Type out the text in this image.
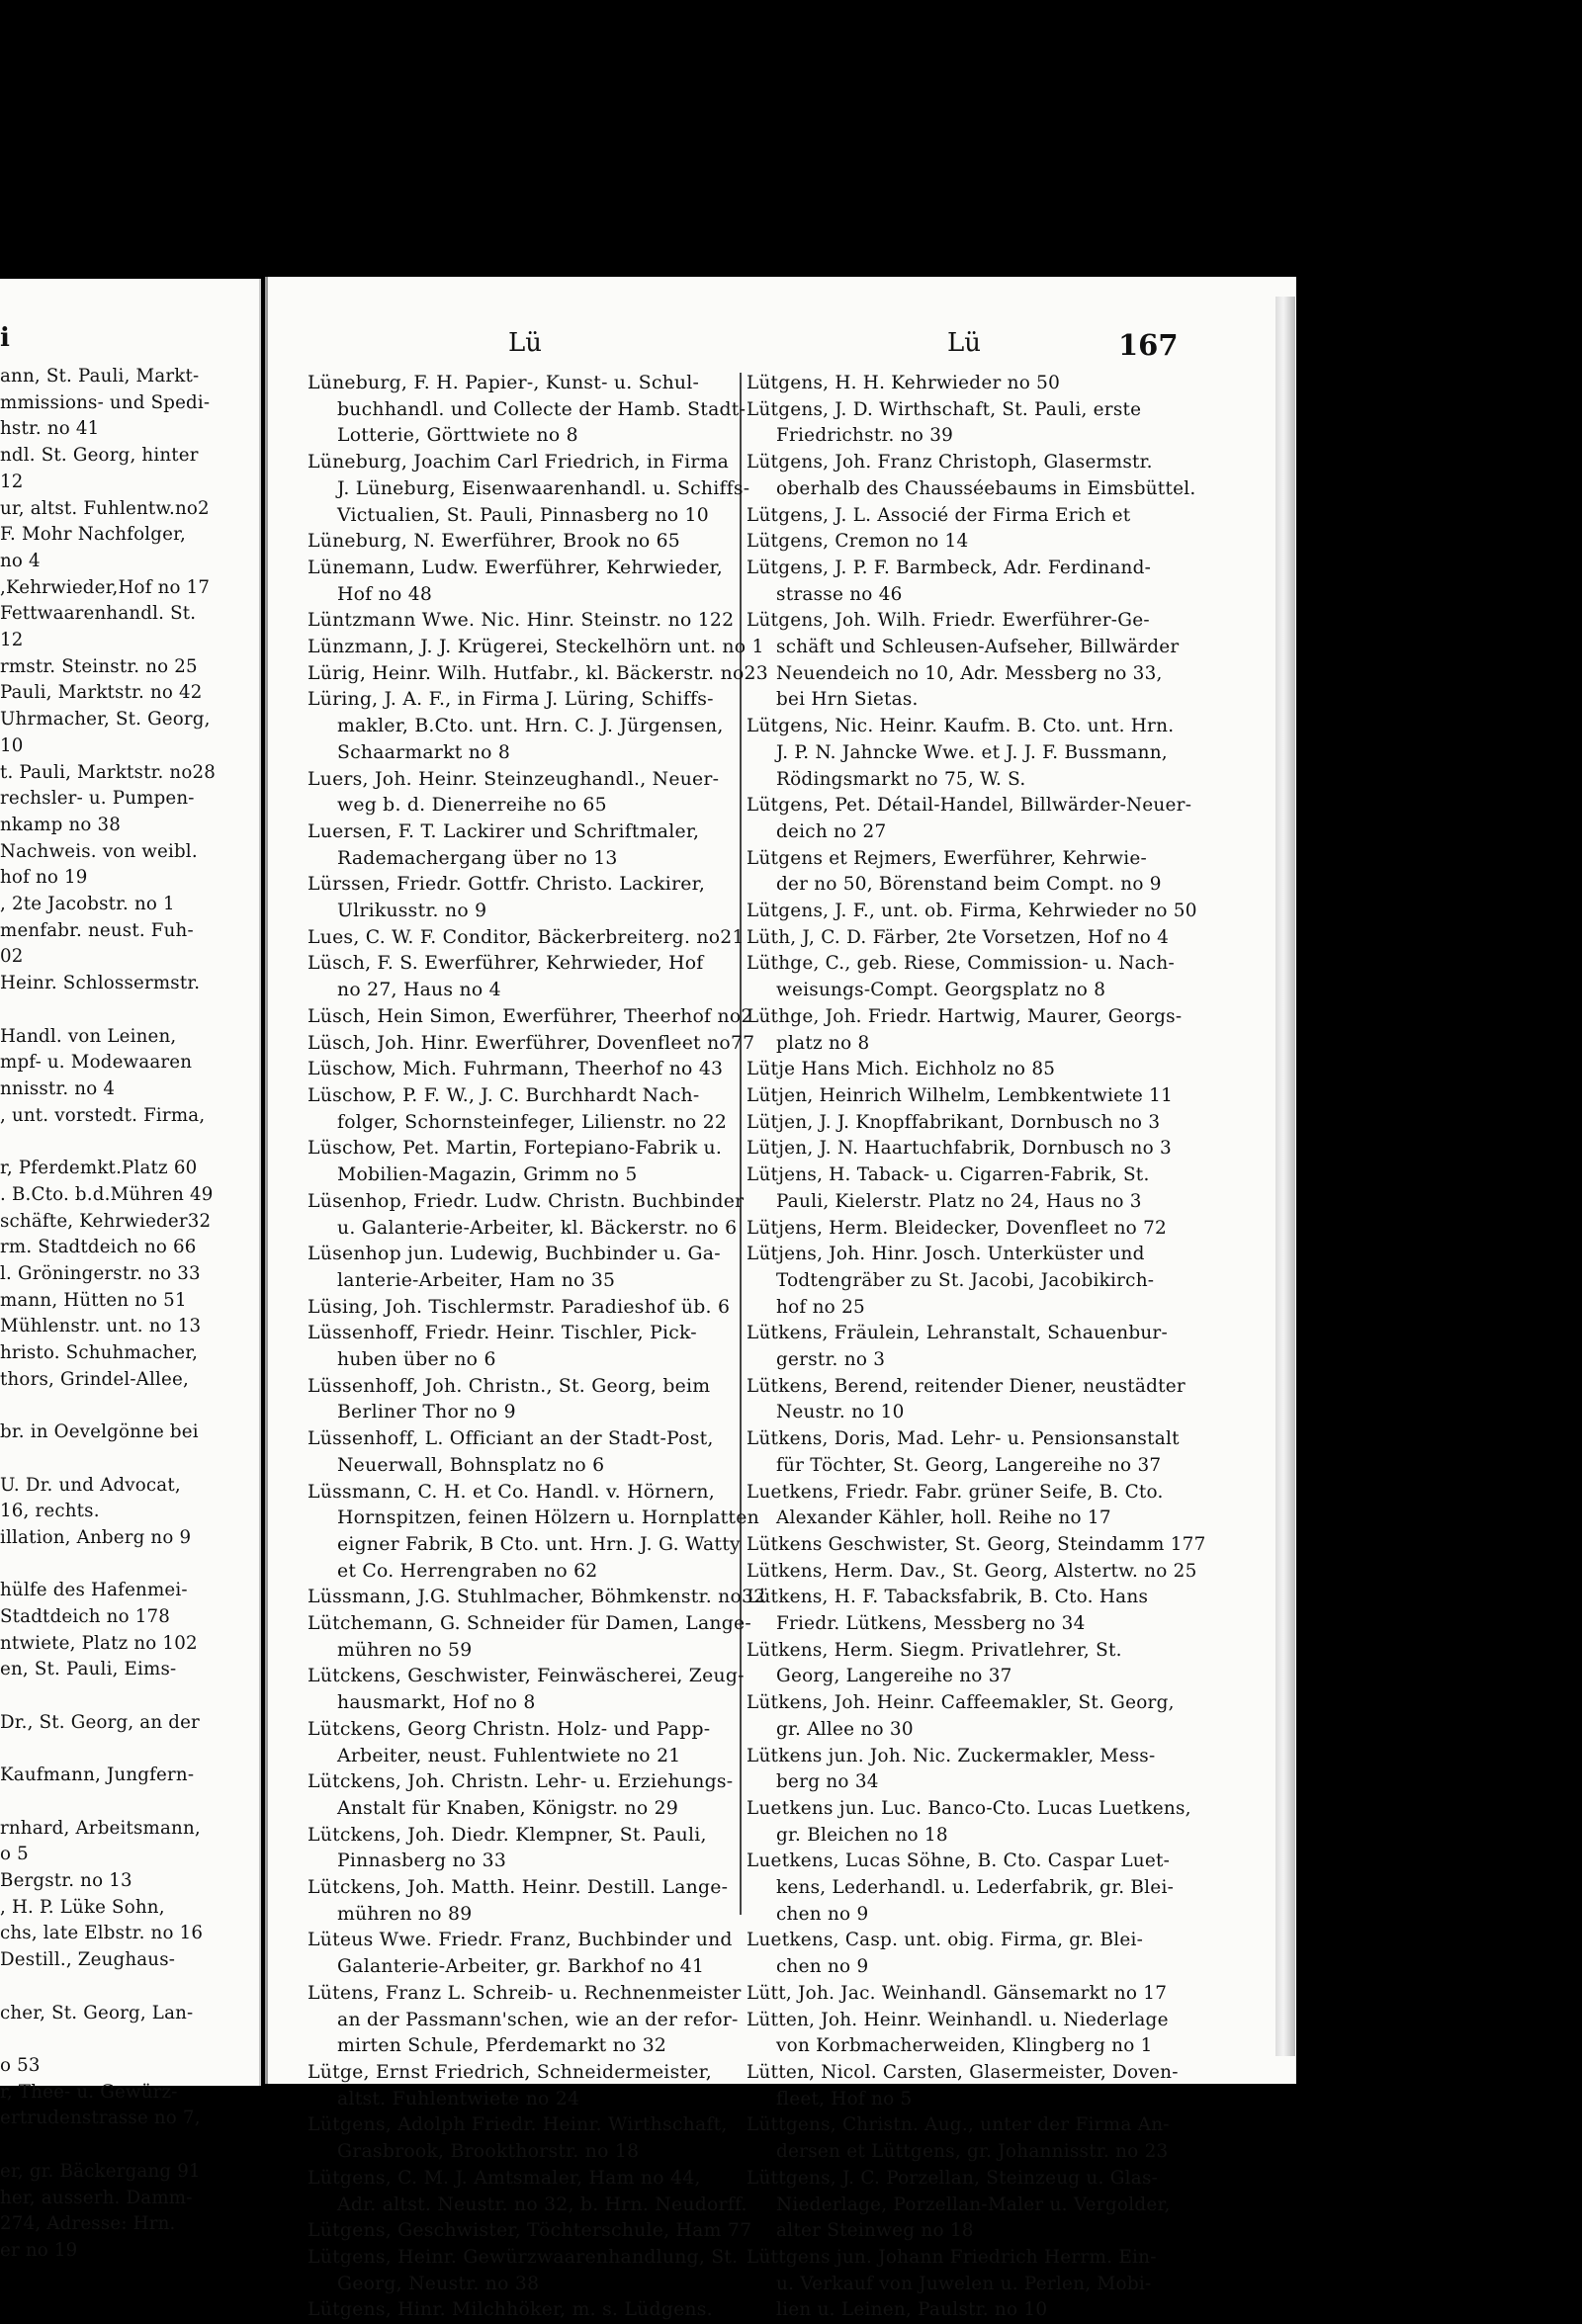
i
ann, St. Pauli, Markt-
mmissions- und Spedi-
hstr. no 41
ndl. St. Georg, hinter
12
ur, altst. Fuhlentw.no2
F. Mohr Nachfolger,
no 4
,Kehrwieder,Hof no 17
Fettwaarenhandl. St.
12
rmstr. Steinstr. no 25
Pauli, Marktstr. no 42
Uhrmacher, St. Georg,
10
t. Pauli, Marktstr. no28
rechsler- u. Pumpen-
nkamp no 38
Nachweis. von weibl.
hof no 19
, 2te Jacobstr. no 1
menfabr. neust. Fuh-
02
Heinr. Schlossermstr.

Handl. von Leinen,
mpf- u. Modewaaren
nnisstr. no 4
, unt. vorstedt. Firma,

r, Pferdemkt.Platz 60
. B.Cto. b.d.Mühren 49
schäfte, Kehrwieder32
rm. Stadtdeich no 66
l. Gröningerstr. no 33
mann, Hütten no 51
Mühlenstr. unt. no 13
hristo. Schuhmacher,
thors, Grindel-Allee,

br. in Oevelgönne bei

U. Dr. und Advocat,
16, rechts.
illation, Anberg no 9

hülfe des Hafenmei-
Stadtdeich no 178
ntwiete, Platz no 102
en, St. Pauli, Eims-

Dr., St. Georg, an der

Kaufmann, Jungfern-

rnhard, Arbeitsmann,
o 5
Bergstr. no 13
, H. P. Lüke Sohn,
chs, late Elbstr. no 16
Destill., Zeughaus-

cher, St. Georg, Lan-

o 53
r, Thee- u. Gewürz-
ertrudenstrasse no 7,

er, gr. Bäckergang 91
her, ausserh. Damm-
274, Adresse: Hrn.
er no 19
Lü	Lü	167
Lüneburg, F. H. Papier-, Kunst- u. Schul-
buchhandl. und Collecte der Hamb. Stadt-
Lotterie, Görttwiete no 8
Lüneburg, Joachim Carl Friedrich, in Firma
J. Lüneburg, Eisenwaarenhandl. u. Schiffs-
Victualien, St. Pauli, Pinnasberg no 10
Lüneburg, N. Ewerführer, Brook no 65
Lünemann, Ludw. Ewerführer, Kehrwieder,
Hof no 48
Lüntzmann Wwe. Nic. Hinr. Steinstr. no 122
Lünzmann, J. J. Krügerei, Steckelhörn unt. no 1
Lürig, Heinr. Wilh. Hutfabr., kl. Bäckerstr. no23
Lüring, J. A. F., in Firma J. Lüring, Schiffs-
makler, B.Cto. unt. Hrn. C. J. Jürgensen,
Schaarmarkt no 8
Luers, Joh. Heinr. Steinzeughandl., Neuer-
weg b. d. Dienerreihe no 65
Luersen, F. T. Lackirer und Schriftmaler,
Rademachergang über no 13
Lürssen, Friedr. Gottfr. Christo. Lackirer,
Ulrikusstr. no 9
Lues, C. W. F. Conditor, Bäckerbreiterg. no21
Lüsch, F. S. Ewerführer, Kehrwieder, Hof
no 27, Haus no 4
Lüsch, Hein Simon, Ewerführer, Theerhof no2
Lüsch, Joh. Hinr. Ewerführer, Dovenfleet no77
Lüschow, Mich. Fuhrmann, Theerhof no 43
Lüschow, P. F. W., J. C. Burchhardt Nach-
folger, Schornsteinfeger, Lilienstr. no 22
Lüschow, Pet. Martin, Fortepiano-Fabrik u.
Mobilien-Magazin, Grimm no 5
Lüsenhop, Friedr. Ludw. Christn. Buchbinder
u. Galanterie-Arbeiter, kl. Bäckerstr. no 6
Lüsenhop jun. Ludewig, Buchbinder u. Ga-
lanterie-Arbeiter, Ham no 35
Lüsing, Joh. Tischlermstr. Paradieshof üb. 6
Lüssenhoff, Friedr. Heinr. Tischler, Pick-
huben über no 6
Lüssenhoff, Joh. Christn., St. Georg, beim
Berliner Thor no 9
Lüssenhoff, L. Officiant an der Stadt-Post,
Neuerwall, Bohnsplatz no 6
Lüssmann, C. H. et Co. Handl. v. Hörnern,
Hornspitzen, feinen Hölzern u. Hornplatten
eigner Fabrik, B Cto. unt. Hrn. J. G. Watty
et Co. Herrengraben no 62
Lüssmann, J.G. Stuhlmacher, Böhmkenstr. no32
Lütchemann, G. Schneider für Damen, Lange-
mühren no 59
Lütckens, Geschwister, Feinwäscherei, Zeug-
hausmarkt, Hof no 8
Lütckens, Georg Christn. Holz- und Papp-
Arbeiter, neust. Fuhlentwiete no 21
Lütckens, Joh. Christn. Lehr- u. Erziehungs-
Anstalt für Knaben, Königstr. no 29
Lütckens, Joh. Diedr. Klempner, St. Pauli,
Pinnasberg no 33
Lütckens, Joh. Matth. Heinr. Destill. Lange-
mühren no 89
Lüteus Wwe. Friedr. Franz, Buchbinder und
Galanterie-Arbeiter, gr. Barkhof no 41
Lütens, Franz L. Schreib- u. Rechnenmeister
an der Passmann'schen, wie an der refor-
mirten Schule, Pferdemarkt no 32
Lütge, Ernst Friedrich, Schneidermeister,
altst. Fuhlentwiete no 24
Lütgens, Adolph Friedr. Heinr. Wirthschaft,
Grasbrook, Brookthorstr. no 18
Lütgens, C. M. J. Amtsmaler, Ham no 44,
Adr. altst. Neustr. no 32, b. Hrn. Neudorff.
Lütgens, Geschwister, Töchterschule, Ham 77
Lütgens, Heinr. Gewürzwaarenhandlung, St.
Georg, Neustr. no 38
Lütgens, Hinr. Milchhöker, m. s. Lüdgens.
Lütgens, H. H. Kehrwieder no 50
Lütgens, J. D. Wirthschaft, St. Pauli, erste
Friedrichstr. no 39
Lütgens, Joh. Franz Christoph, Glasermstr.
oberhalb des Chausséebaums in Eimsbüttel.
Lütgens, J. L. Associé der Firma Erich et
Lütgens, Cremon no 14
Lütgens, J. P. F. Barmbeck, Adr. Ferdinand-
strasse no 46
Lütgens, Joh. Wilh. Friedr. Ewerführer-Ge-
schäft und Schleusen-Aufseher, Billwärder
Neuendeich no 10, Adr. Messberg no 33,
bei Hrn Sietas.
Lütgens, Nic. Heinr. Kaufm. B. Cto. unt. Hrn.
J. P. N. Jahncke Wwe. et J. J. F. Bussmann,
Rödingsmarkt no 75, W. S.
Lütgens, Pet. Détail-Handel, Billwärder-Neuer-
deich no 27
Lütgens et Rejmers, Ewerführer, Kehrwie-
der no 50, Börenstand beim Compt. no 9
Lütgens, J. F., unt. ob. Firma, Kehrwieder no 50
Lüth, J, C. D. Färber, 2te Vorsetzen, Hof no 4
Lüthge, C., geb. Riese, Commission- u. Nach-
weisungs-Compt. Georgsplatz no 8
Lüthge, Joh. Friedr. Hartwig, Maurer, Georgs-
platz no 8
Lütje Hans Mich. Eichholz no 85
Lütjen, Heinrich Wilhelm, Lembkentwiete 11
Lütjen, J. J. Knopffabrikant, Dornbusch no 3
Lütjen, J. N. Haartuchfabrik, Dornbusch no 3
Lütjens, H. Taback- u. Cigarren-Fabrik, St.
Pauli, Kielerstr. Platz no 24, Haus no 3
Lütjens, Herm. Bleidecker, Dovenfleet no 72
Lütjens, Joh. Hinr. Josch. Unterküster und
Todtengräber zu St. Jacobi, Jacobikirch-
hof no 25
Lütkens, Fräulein, Lehranstalt, Schauenbur-
gerstr. no 3
Lütkens, Berend, reitender Diener, neustädter
Neustr. no 10
Lütkens, Doris, Mad. Lehr- u. Pensionsanstalt
für Töchter, St. Georg, Langereihe no 37
Luetkens, Friedr. Fabr. grüner Seife, B. Cto.
Alexander Kähler, holl. Reihe no 17
Lütkens Geschwister, St. Georg, Steindamm 177
Lütkens, Herm. Dav., St. Georg, Alstertw. no 25
Lütkens, H. F. Tabacksfabrik, B. Cto. Hans
Friedr. Lütkens, Messberg no 34
Lütkens, Herm. Siegm. Privatlehrer, St.
Georg, Langereihe no 37
Lütkens, Joh. Heinr. Caffeemakler, St. Georg,
gr. Allee no 30
Lütkens jun. Joh. Nic. Zuckermakler, Mess-
berg no 34
Luetkens jun. Luc. Banco-Cto. Lucas Luetkens,
gr. Bleichen no 18
Luetkens, Lucas Söhne, B. Cto. Caspar Luet-
kens, Lederhandl. u. Lederfabrik, gr. Blei-
chen no 9
Luetkens, Casp. unt. obig. Firma, gr. Blei-
chen no 9
Lütt, Joh. Jac. Weinhandl. Gänsemarkt no 17
Lütten, Joh. Heinr. Weinhandl. u. Niederlage
von Korbmacherweiden, Klingberg no 1
Lütten, Nicol. Carsten, Glasermeister, Doven-
fleet, Hof no 5
Lüttgens, Christn. Aug., unter der Firma An-
dersen et Lüttgens, gr. Johannisstr. no 23
Lüttgens, J. C. Porzellan, Steinzeug u. Glas-
Niederlage, Porzellan-Maler u. Vergolder,
alter Steinweg no 18
Lüttgens jun. Johann Friedrich Herrm. Ein-
u. Verkauf von Juwelen u. Perlen, Mobi-
lien u. Leinen, Paulstr. no 10
